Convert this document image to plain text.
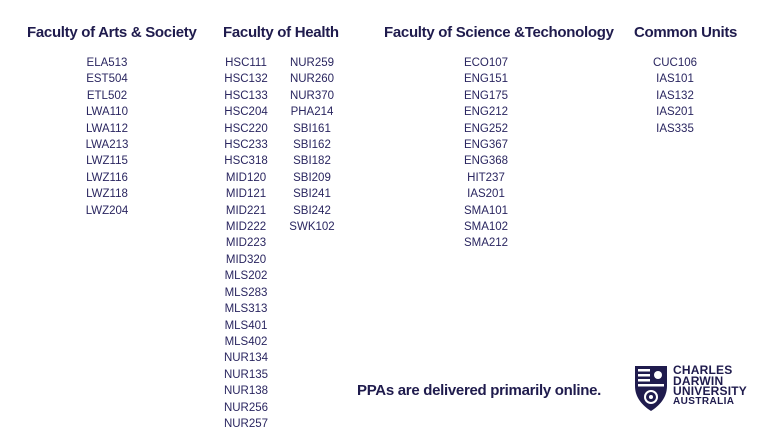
Faculty of Arts & Society Faculty of Health	Faculty of Science &Techonology Common Units
ELA513
EST504
ETL502
LWA110
LWA112
LWA213
LWZ115
LWZ116
LWZ118
LWZ204
HSC111
HSC132
HSC133
HSC204
HSC220
HSC233
HSC318
MID120
MID121
MID221
MID222
MID223
MID320
MLS202
MLS283
MLS313
MLS401
MLS402
NUR134
NUR135
NUR138
NUR256
NUR257
NUR259
NUR260
NUR370
PHA214
SBI161
SBI162
SBI182
SBI209
SBI241
SBI242
SWK102
ECO107
ENG151
ENG175
ENG212
ENG252
ENG367
ENG368
HIT237
IAS201
SMA101
SMA102
SMA212
CUC106
IAS101
IAS132
IAS201
IAS335
PPAs are delivered primarily online.
CHARLES
DARWIN
UNIVERSITY
AUSTRALIA
